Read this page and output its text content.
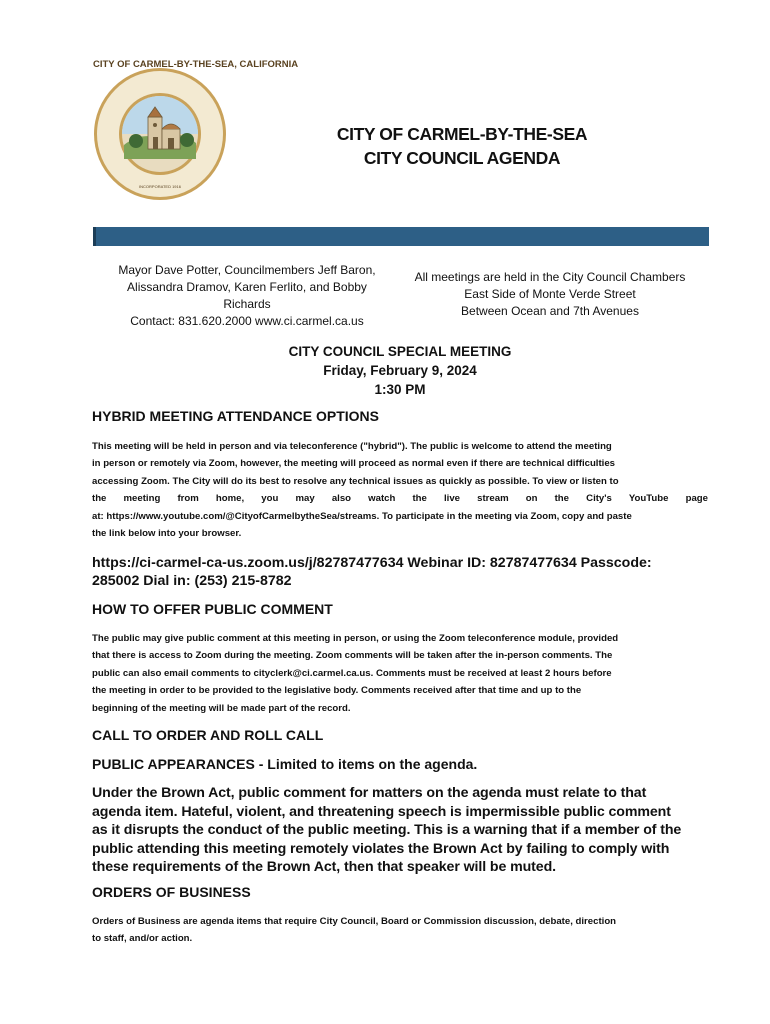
CITY OF CARMEL-BY-THE-SEA, CALIFORNIA
INCORPORATED 1916
CITY OF CARMEL-BY-THE-SEA
CITY COUNCIL AGENDA
Mayor Dave Potter, Councilmembers Jeff Baron,
Alissandra Dramov, Karen Ferlito, and Bobby
Richards
Contact: 831.620.2000 www.ci.carmel.ca.us
All meetings are held in the City Council Chambers
East Side of Monte Verde Street
Between Ocean and 7th Avenues
CITY COUNCIL SPECIAL MEETING
Friday, February 9, 2024
1:30 PM
HYBRID MEETING ATTENDANCE OPTIONS
This meeting will be held in person and via teleconference ("hybrid"). The public is welcome to attend the meeting
in person or remotely via Zoom, however, the meeting will proceed as normal even if there are technical difficulties
accessing Zoom. The City will do its best to resolve any technical issues as quickly as possible. To view or listen to
the meeting from home, you may also watch the live stream on the City's YouTube page
at: https://www.youtube.com/@CityofCarmelbytheSea/streams. To participate in the meeting via Zoom, copy and paste
the link below into your browser.
https://ci-carmel-ca-us.zoom.us/j/82787477634 Webinar ID: 82787477634 Passcode:
285002 Dial in: (253) 215-8782
HOW TO OFFER PUBLIC COMMENT
The public may give public comment at this meeting in person, or using the Zoom teleconference module, provided
that there is access to Zoom during the meeting. Zoom comments will be taken after the in-person comments. The
public can also email comments to cityclerk@ci.carmel.ca.us. Comments must be received at least 2 hours before
the meeting in order to be provided to the legislative body. Comments received after that time and up to the
beginning of the meeting will be made part of the record.
CALL TO ORDER AND ROLL CALL
PUBLIC APPEARANCES - Limited to items on the agenda.
Under the Brown Act, public comment for matters on the agenda must relate to that
agenda item. Hateful, violent, and threatening speech is impermissible public comment
as it disrupts the conduct of the public meeting. This is a warning that if a member of the
public attending this meeting remotely violates the Brown Act by failing to comply with
these requirements of the Brown Act, then that speaker will be muted.
ORDERS OF BUSINESS
Orders of Business are agenda items that require City Council, Board or Commission discussion, debate, direction
to staff, and/or action.
